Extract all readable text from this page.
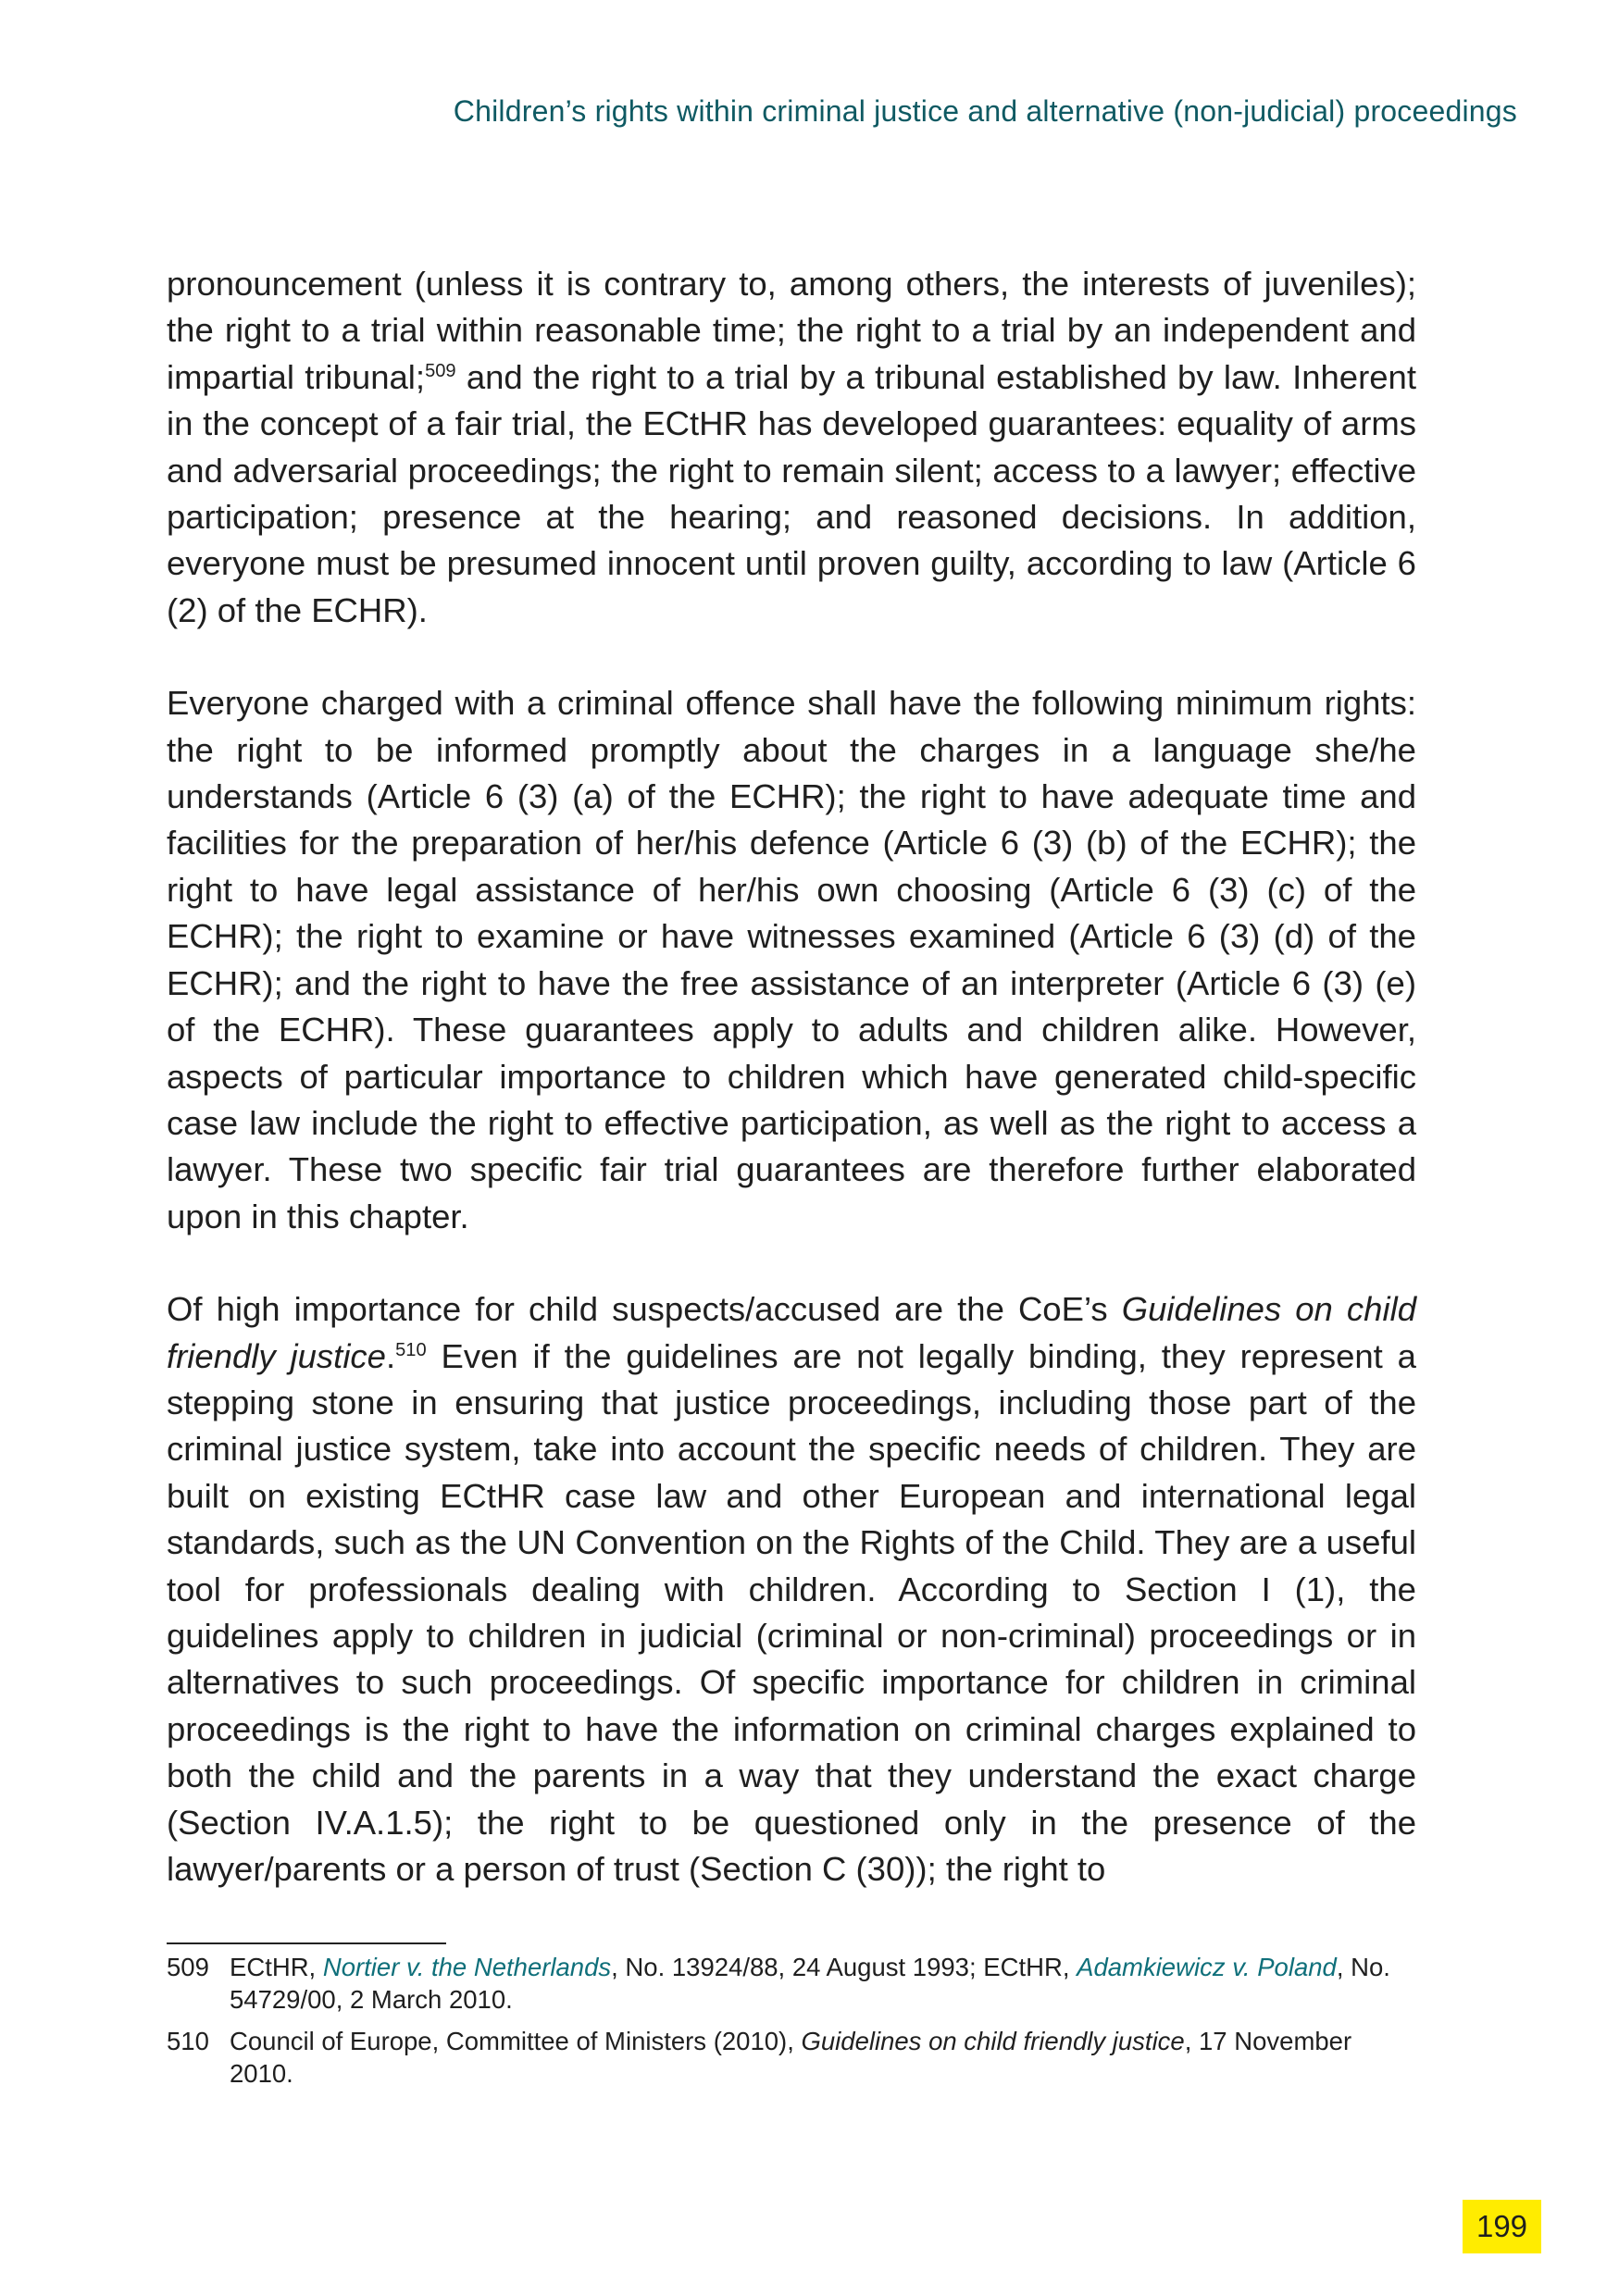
Children’s rights within criminal justice and alternative (non-judicial) proceedings

pronouncement (unless it is contrary to, among others, the interests of juveniles); the right to a trial within reasonable time; the right to a trial by an independent and impartial tribunal;$^{509}$ and the right to a trial by a tribunal established by law. Inherent in the concept of a fair trial, the ECtHR has developed guarantees: equality of arms and adversarial proceedings; the right to remain silent; access to a lawyer; effective participation; presence at the hearing; and reasoned decisions. In addition, everyone must be presumed innocent until proven guilty, according to law (Article 6 (2) of the ECHR).

Everyone charged with a criminal offence shall have the following minimum rights: the right to be informed promptly about the charges in a language she/he understands (Article 6 (3) (a) of the ECHR); the right to have adequate time and facilities for the preparation of her/his defence (Article 6 (3) (b) of the ECHR); the right to have legal assistance of her/his own choosing (Article 6 (3) (c) of the ECHR); the right to examine or have witnesses examined (Article 6 (3) (d) of the ECHR); and the right to have the free assistance of an interpreter (Article 6 (3) (e) of the ECHR). These guarantees apply to adults and children alike. However, aspects of particular importance to children which have generated child-specific case law include the right to effective participation, as well as the right to access a lawyer. These two specific fair trial guarantees are therefore further elaborated upon in this chapter.

Of high importance for child suspects/accused are the CoE’s Guidelines on child friendly justice.$^{510}$ Even if the guidelines are not legally binding, they represent a stepping stone in ensuring that justice proceedings, including those part of the criminal justice system, take into account the specific needs of children. They are built on existing ECtHR case law and other European and international legal standards, such as the UN Convention on the Rights of the Child. They are a useful tool for professionals dealing with children. According to Section I (1), the guidelines apply to children in judicial (criminal or non-criminal) proceedings or in alternatives to such proceedings. Of specific importance for children in criminal proceedings is the right to have the information on criminal charges explained to both the child and the parents in a way that they understand the exact charge (Section IV.A.1.5); the right to be questioned only in the presence of the lawyer/parents or a person of trust (Section C (30)); the right to

509 ECtHR, Nortier v. the Netherlands, No. 13924/88, 24 August 1993; ECtHR, Adamkiewicz v. Poland, No. 54729/00, 2 March 2010.
510 Council of Europe, Committee of Ministers (2010), Guidelines on child friendly justice, 17 November 2010.
199
